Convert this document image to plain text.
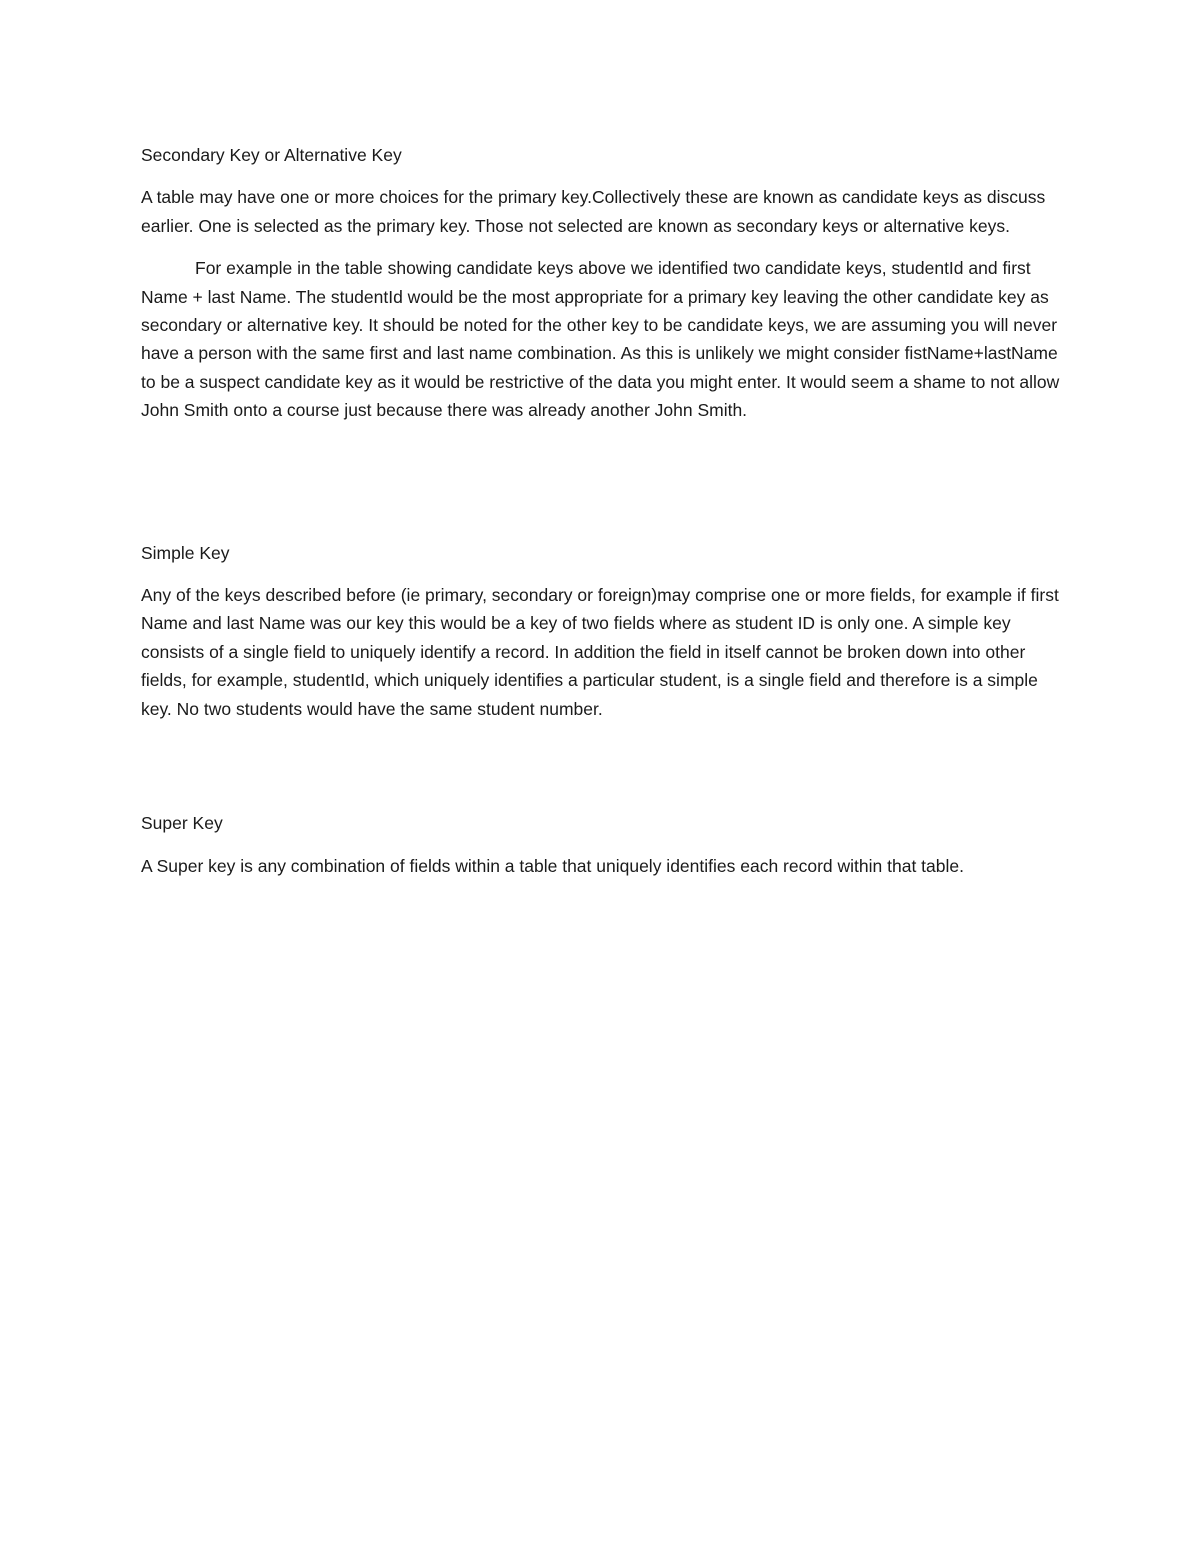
Secondary Key or Alternative Key

A table may have one or more choices for the primary key.Collectively these are known as candidate keys as discuss earlier. One is selected as the primary key. Those not selected are known as secondary keys or alternative keys.

For example in the table showing candidate keys above we identified two candidate keys, studentId and first Name + last Name. The studentId would be the most appropriate for a primary key leaving the other candidate key as secondary or alternative key. It should be noted for the other key to be candidate keys, we are assuming you will never have a person with the same first and last name combination. As this is unlikely we might consider fistName+lastName to be a suspect candidate key as it would be restrictive of the data you might enter. It would seem a shame to not allow John Smith onto a course just because there was already another John Smith.

Simple Key

Any of the keys described before (ie primary, secondary or foreign)may comprise one or more fields, for example if first Name and last Name was our key this would be a key of two fields where as student ID is only one. A simple key consists of a single field to uniquely identify a record. In addition the field in itself cannot be broken down into other fields, for example, studentId, which uniquely identifies a particular student, is a single field and therefore is a simple key. No two students would have the same student number.

Super Key

A Super key is any combination of fields within a table that uniquely identifies each record within that table.
